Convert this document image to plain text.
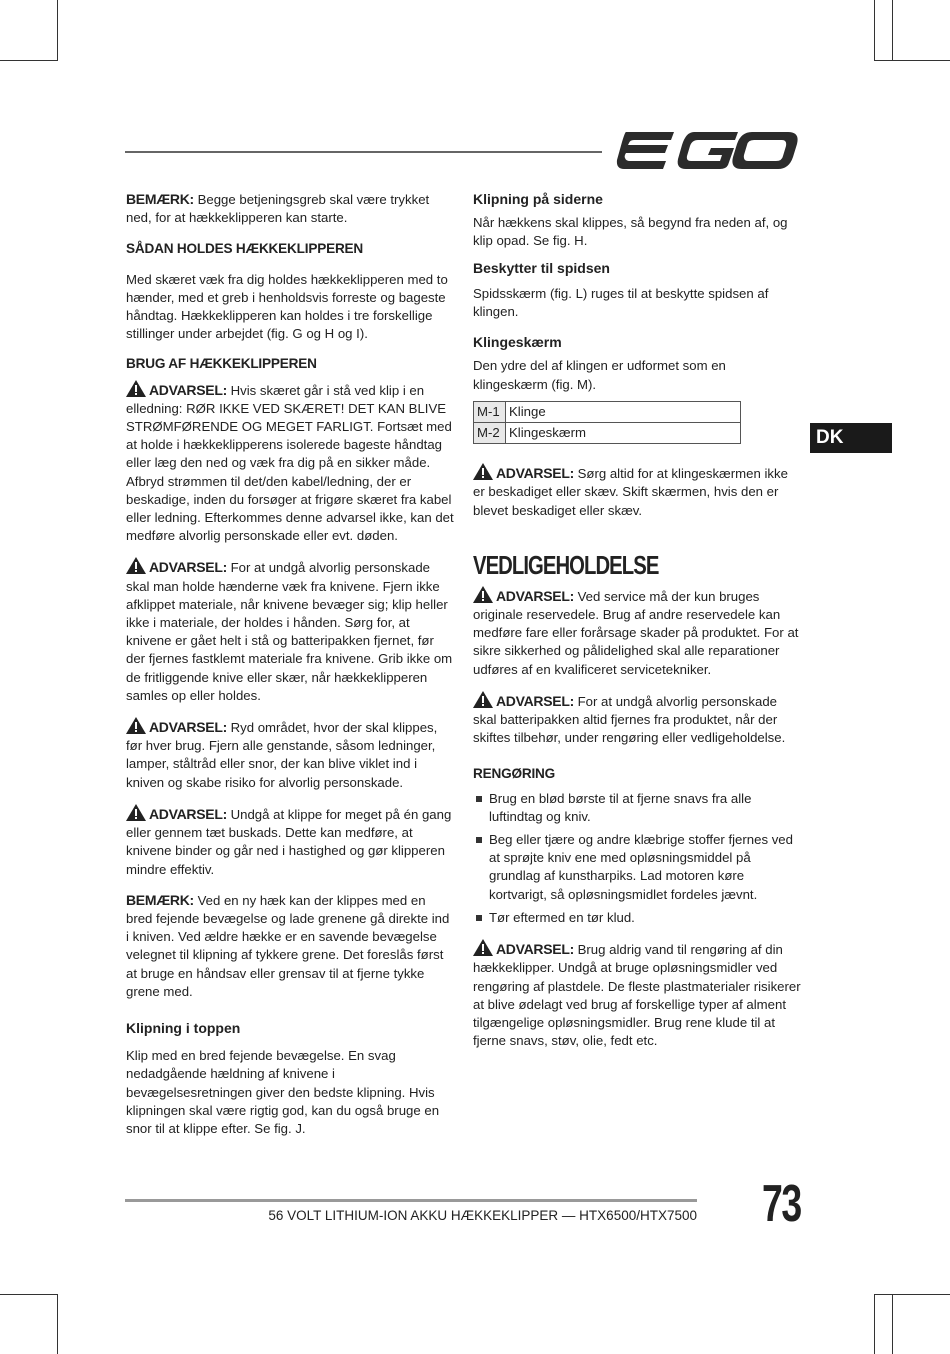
BEMÆRK: Begge betjeningsgreb skal være trykket ned, for at hækkeklipperen kan starte.

SÅDAN HOLDES HÆKKEKLIPPEREN

Med skæret væk fra dig holdes hækkeklipperen med to hænder, med et greb i henholdsvis forreste og bageste håndtag. Hækkeklipperen kan holdes i tre forskellige stillinger under arbejdet (fig. G og H og I).

BRUG AF HÆKKEKLIPPEREN

ADVARSEL: Hvis skæret går i stå ved klip i en elledning: RØR IKKE VED SKÆRET! DET KAN BLIVE STRØMFØRENDE OG MEGET FARLIGT. Fortsæt med at holde i hækkeklipperens isolerede bageste håndtag eller læg den ned og væk fra dig på en sikker måde. Afbryd strømmen til det/den kabel/ledning, der er beskadige, inden du forsøger at frigøre skæret fra kabel eller ledning. Efterkommes denne advarsel ikke, kan det medføre alvorlig personskade eller evt. døden.

ADVARSEL: For at undgå alvorlig personskade skal man holde hænderne væk fra knivene. Fjern ikke afklippet materiale, når knivene bevæger sig; klip heller ikke i materiale, der holdes i hånden. Sørg for, at knivene er gået helt i stå og batteripakken fjernet, før der fjernes fastklemt materiale fra knivene. Grib ikke om de fritliggende knive eller skær, når hækkeklipperen samles op eller holdes.

ADVARSEL: Ryd området, hvor der skal klippes, før hver brug. Fjern alle genstande, såsom ledninger, lamper, ståltråd eller snor, der kan blive viklet ind i kniven og skabe risiko for alvorlig personskade.

ADVARSEL: Undgå at klippe for meget på én gang eller gennem tæt buskads. Dette kan medføre, at knivene binder og går ned i hastighed og gør klipperen mindre effektiv.

BEMÆRK: Ved en ny hæk kan der klippes med en bred fejende bevægelse og lade grenene gå direkte ind i kniven. Ved ældre hække er en savende bevægelse velegnet til klipning af tykkere grene. Det foreslås først at bruge en håndsav eller grensav til at fjerne tykke grene med.

Klipning i toppen

Klip med en bred fejende bevægelse. En svag nedadgående hældning af knivene i bevægelsesretningen giver den bedste klipning. Hvis klipningen skal være rigtig god, kan du også bruge en snor til at klippe efter. Se fig. J.

Klipning på siderne

Når hækkens skal klippes, så begynd fra neden af, og klip opad. Se fig. H.

Beskytter til spidsen

Spidsskærm (fig. L) ruges til at beskytte spidsen af klingen.

Klingeskærm

Den ydre del af klingen er udformet som en klingeskærm (fig. M).

M-1	Klinge
M-2	Klingeskærm

ADVARSEL: Sørg altid for at klingeskærmen ikke er beskadiget eller skæv. Skift skærmen, hvis den er blevet beskadiget eller skæv.

VEDLIGEHOLDELSE

ADVARSEL: Ved service må der kun bruges originale reservedele. Brug af andre reservedele kan medføre fare eller forårsage skader på produktet. For at sikre sikkerhed og pålidelighed skal alle reparationer udføres af en kvalificeret servicetekniker.

ADVARSEL: For at undgå alvorlig personskade skal batteripakken altid fjernes fra produktet, når der skiftes tilbehør, under rengøring eller vedligeholdelse.

RENGØRING

Brug en blød børste til at fjerne snavs fra alle luftindtag og kniv.
Beg eller tjære og andre klæbrige stoffer fjernes ved at sprøjte kniv ene med opløsningsmiddel på grundlag af kunstharpiks. Lad motoren køre kortvarigt, så opløsningsmidlet fordeles jævnt.
Tør eftermed en tør klud.

ADVARSEL: Brug aldrig vand til rengøring af din hækkeklipper. Undgå at bruge opløsningsmidler ved rengøring af plastdele. De fleste plastmaterialer risikerer at blive ødelagt ved brug af forskellige typer af alment tilgængelige opløsningsmidler. Brug rene klude til at fjerne snavs, støv, olie, fedt etc.

DK
56 VOLT LITHIUM-ION AKKU HÆKKEKLIPPER — HTX6500/HTX7500 73
